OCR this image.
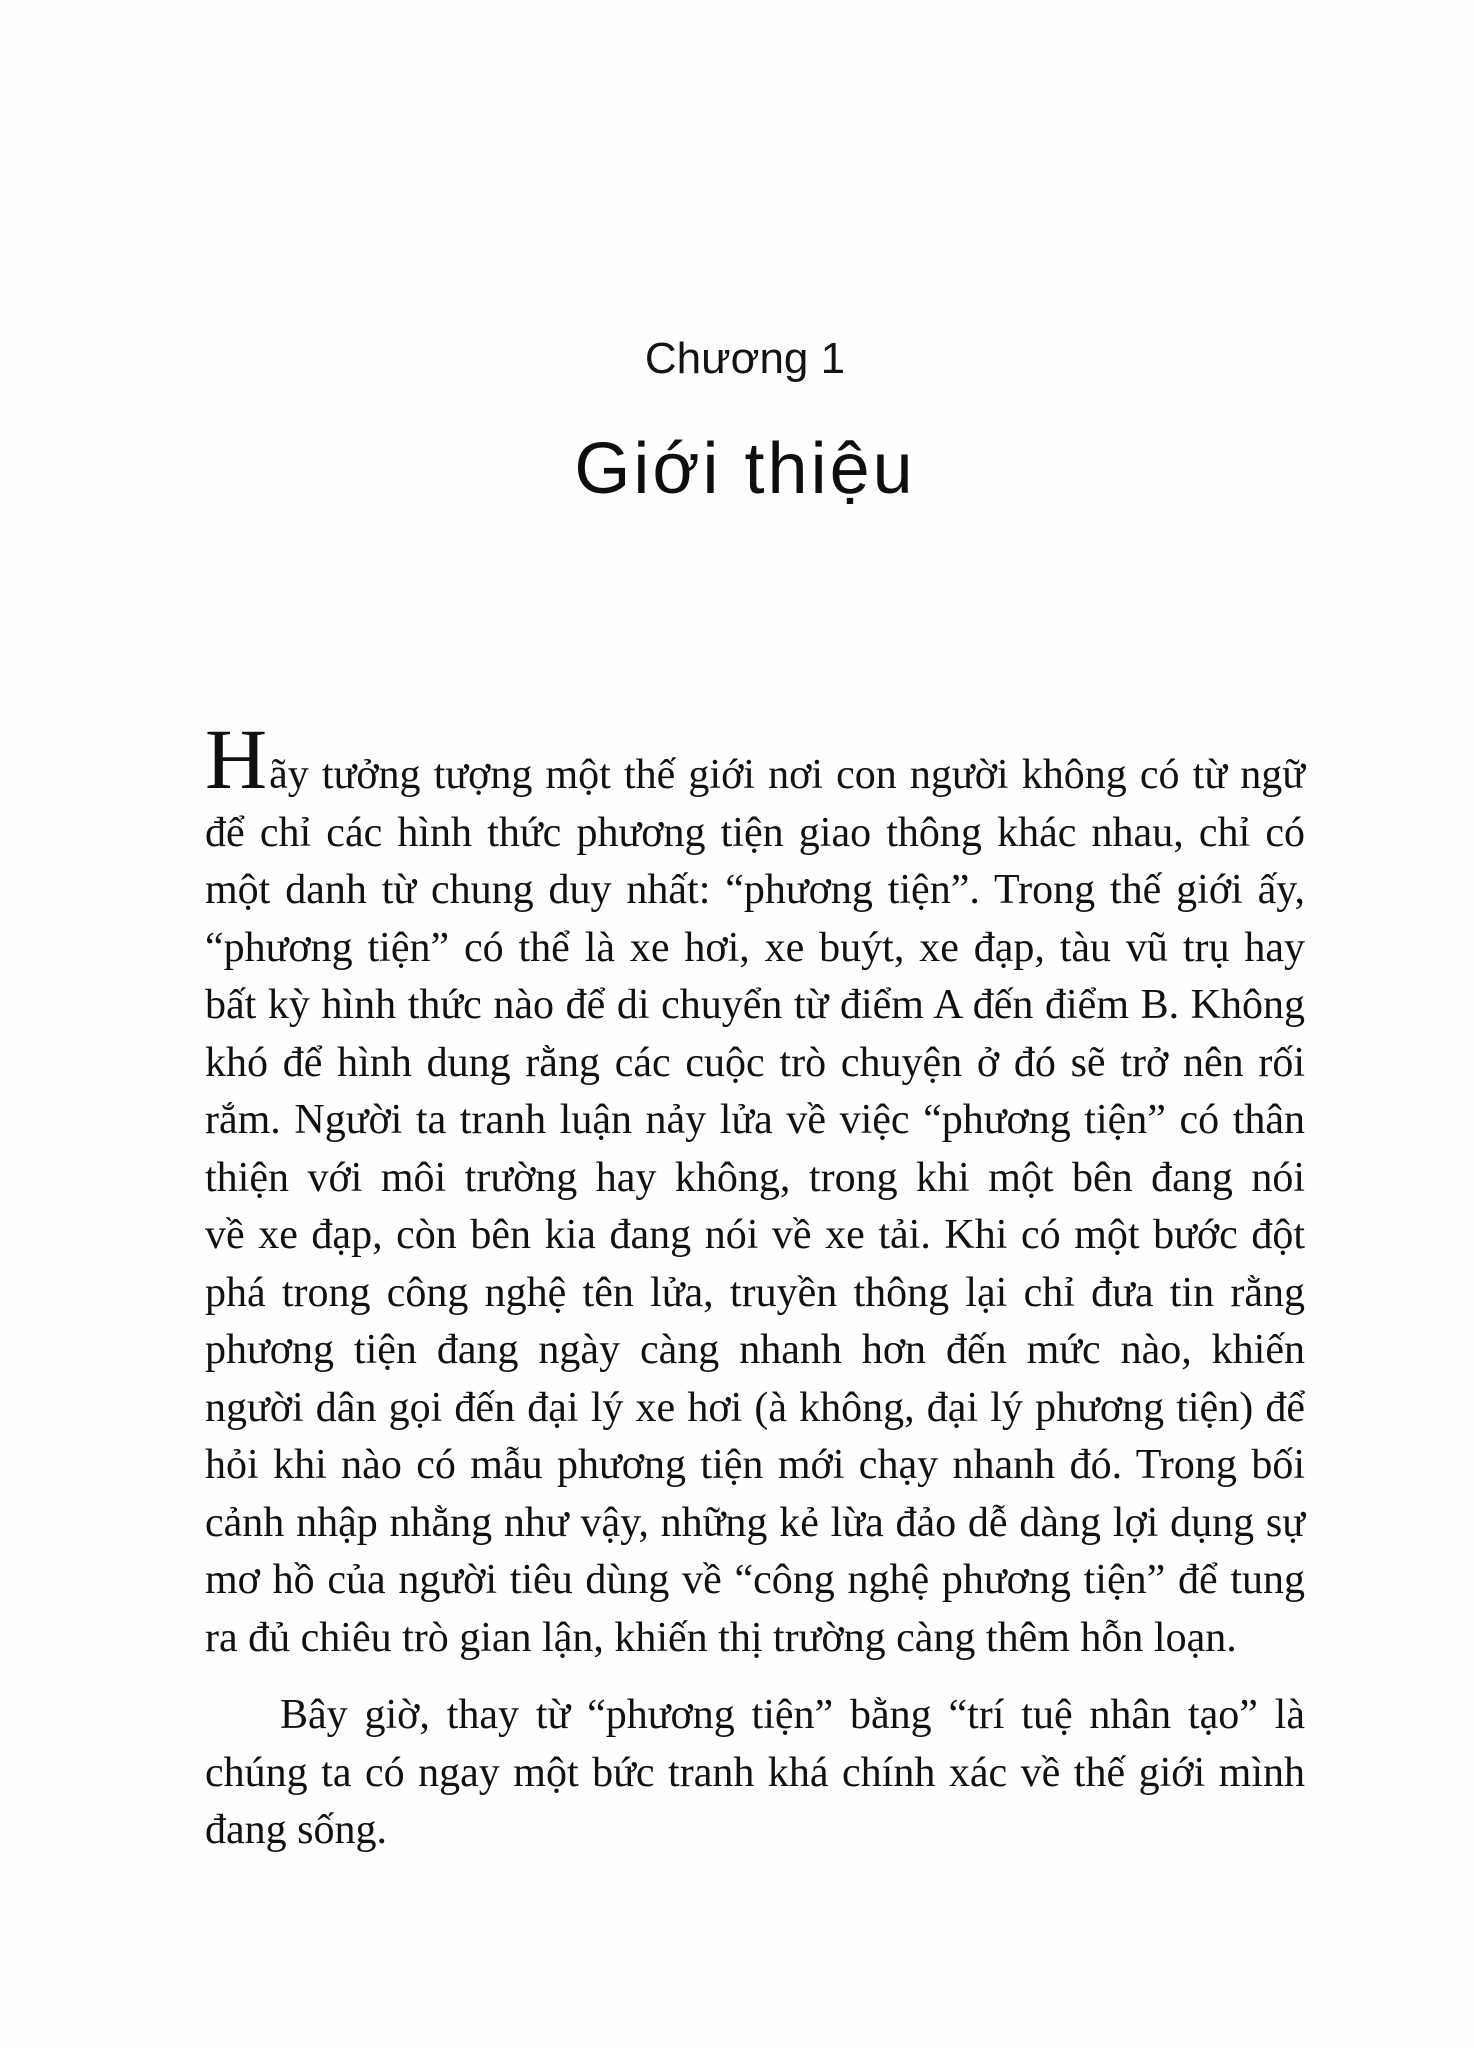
Chương 1
Giới thiệu
Hãy tưởng tượng một thế giới nơi con người không có từ ngữ
để chỉ các hình thức phương tiện giao thông khác nhau, chỉ có
một danh từ chung duy nhất: “phương tiện”. Trong thế giới ấy,
“phương tiện” có thể là xe hơi, xe buýt, xe đạp, tàu vũ trụ hay
bất kỳ hình thức nào để di chuyển từ điểm A đến điểm B. Không
khó để hình dung rằng các cuộc trò chuyện ở đó sẽ trở nên rối
rắm. Người ta tranh luận nảy lửa về việc “phương tiện” có thân
thiện với môi trường hay không, trong khi một bên đang nói
về xe đạp, còn bên kia đang nói về xe tải. Khi có một bước đột
phá trong công nghệ tên lửa, truyền thông lại chỉ đưa tin rằng
phương tiện đang ngày càng nhanh hơn đến mức nào, khiến
người dân gọi đến đại lý xe hơi (à không, đại lý phương tiện) để
hỏi khi nào có mẫu phương tiện mới chạy nhanh đó. Trong bối
cảnh nhập nhằng như vậy, những kẻ lừa đảo dễ dàng lợi dụng sự
mơ hồ của người tiêu dùng về “công nghệ phương tiện” để tung
ra đủ chiêu trò gian lận, khiến thị trường càng thêm hỗn loạn.
Bây giờ, thay từ “phương tiện” bằng “trí tuệ nhân tạo” là
chúng ta có ngay một bức tranh khá chính xác về thế giới mình
đang sống.
